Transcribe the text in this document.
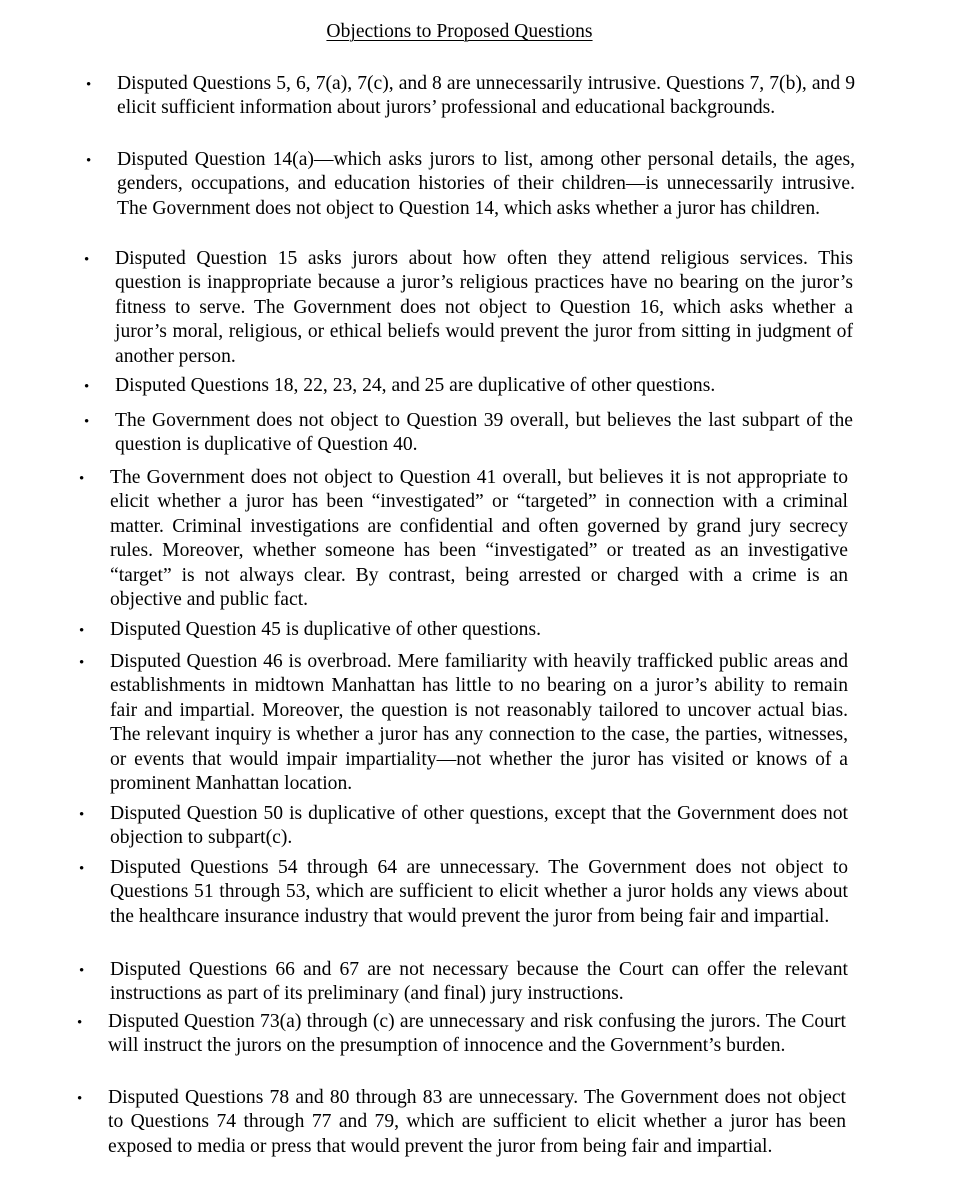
Objections to Proposed Questions
• Disputed Questions 5, 6, 7(a), 7(c), and 8 are unnecessarily intrusive. Questions 7, 7(b), and 9 elicit sufficient information about jurors’ professional and educational backgrounds.
• Disputed Question 14(a)—which asks jurors to list, among other personal details, the ages, genders, occupations, and education histories of their children—is unnecessarily intrusive. The Government does not object to Question 14, which asks whether a juror has children.
• Disputed Question 15 asks jurors about how often they attend religious services. This question is inappropriate because a juror’s religious practices have no bearing on the juror’s fitness to serve. The Government does not object to Question 16, which asks whether a juror’s moral, religious, or ethical beliefs would prevent the juror from sitting in judgment of another person.
• Disputed Questions 18, 22, 23, 24, and 25 are duplicative of other questions.
• The Government does not object to Question 39 overall, but believes the last subpart of the question is duplicative of Question 40.
• The Government does not object to Question 41 overall, but believes it is not appropriate to elicit whether a juror has been “investigated” or “targeted” in connection with a criminal matter. Criminal investigations are confidential and often governed by grand jury secrecy rules. Moreover, whether someone has been “investigated” or treated as an investigative “target” is not always clear. By contrast, being arrested or charged with a crime is an objective and public fact.
• Disputed Question 45 is duplicative of other questions.
• Disputed Question 46 is overbroad. Mere familiarity with heavily trafficked public areas and establishments in midtown Manhattan has little to no bearing on a juror’s ability to remain fair and impartial. Moreover, the question is not reasonably tailored to uncover actual bias. The relevant inquiry is whether a juror has any connection to the case, the parties, witnesses, or events that would impair impartiality—not whether the juror has visited or knows of a prominent Manhattan location.
• Disputed Question 50 is duplicative of other questions, except that the Government does not objection to subpart(c).
• Disputed Questions 54 through 64 are unnecessary. The Government does not object to Questions 51 through 53, which are sufficient to elicit whether a juror holds any views about the healthcare insurance industry that would prevent the juror from being fair and impartial.
• Disputed Questions 66 and 67 are not necessary because the Court can offer the relevant instructions as part of its preliminary (and final) jury instructions.
• Disputed Question 73(a) through (c) are unnecessary and risk confusing the jurors. The Court will instruct the jurors on the presumption of innocence and the Government’s burden.
• Disputed Questions 78 and 80 through 83 are unnecessary. The Government does not object to Questions 74 through 77 and 79, which are sufficient to elicit whether a juror has been exposed to media or press that would prevent the juror from being fair and impartial.
